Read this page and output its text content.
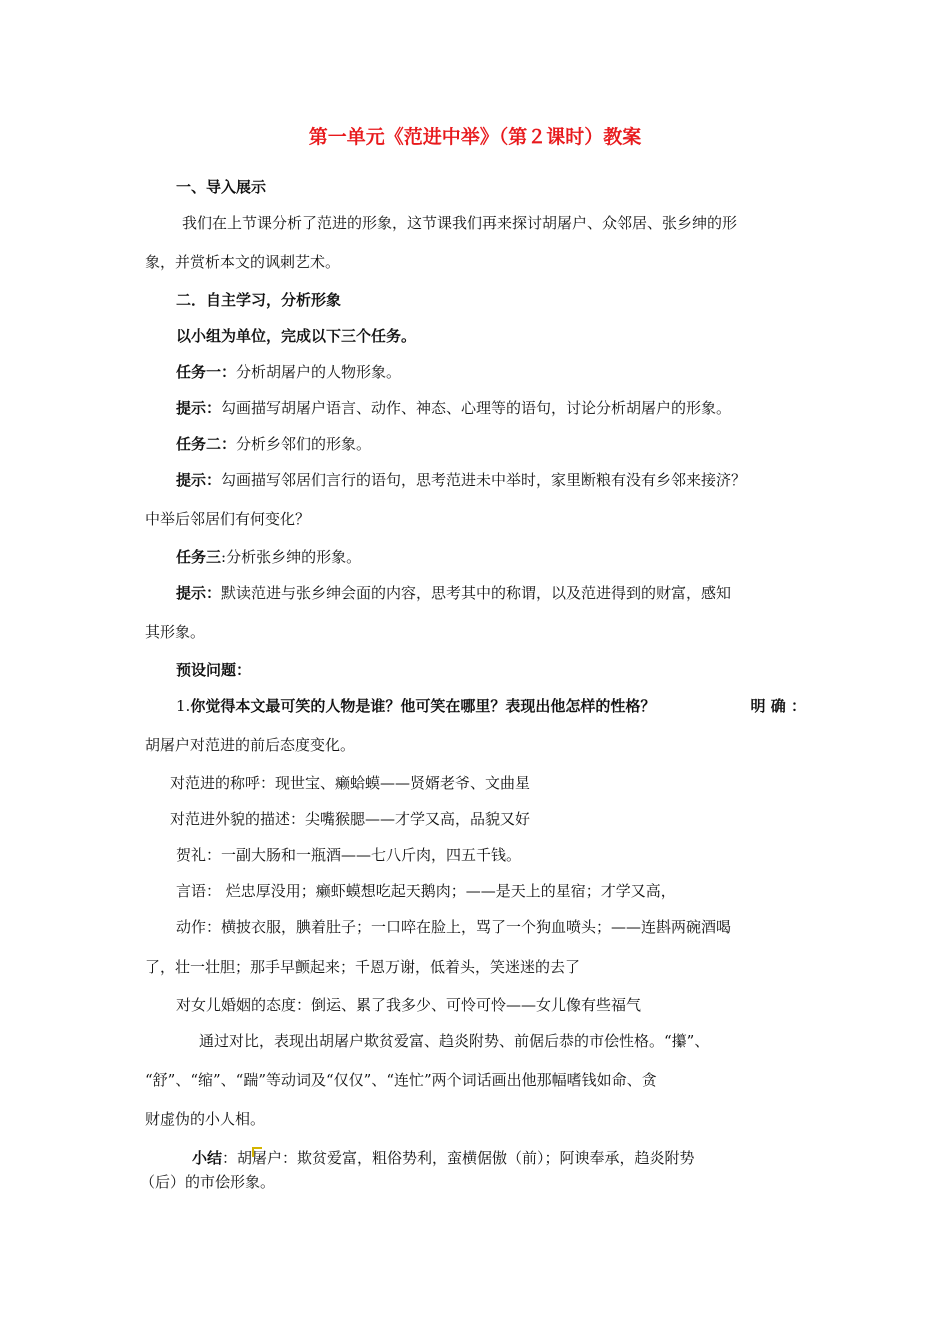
第一单元《范进中举》（第２课时）教案
一、导入展示
我们在上节课分析了范进的形象，这节课我们再来探讨胡屠户、众邻居、张乡绅的形
象，并赏析本文的讽刺艺术。
二．自主学习，分析形象
以小组为单位，完成以下三个任务。
任务一：分析胡屠户的人物形象。
提示：勾画描写胡屠户语言、动作、神态、心理等的语句，讨论分析胡屠户的形象。
任务二：分析乡邻们的形象。
提示：勾画描写邻居们言行的语句，思考范进未中举时，家里断粮有没有乡邻来接济？
中举后邻居们有何变化？
任务三:分析张乡绅的形象。
提示：默读范进与张乡绅会面的内容，思考其中的称谓，以及范进得到的财富，感知
其形象。
预设问题：
1.你觉得本文最可笑的人物是谁？他可笑在哪里？表现出他怎样的性格？	明 确 ：
胡屠户对范进的前后态度变化。
对范进的称呼：现世宝、癞蛤蟆——贤婿老爷、文曲星
对范进外貌的描述：尖嘴猴腮——才学又高，品貌又好
贺礼：一副大肠和一瓶酒——七八斤肉，四五千钱。
言语： 烂忠厚没用；癞虾蟆想吃起天鹅肉；——是天上的星宿；才学又高，
动作：横披衣服，腆着肚子；一口啐在脸上，骂了一个狗血喷头；——连斟两碗酒喝
了，壮一壮胆；那手早颤起来；千恩万谢，低着头，笑迷迷的去了
对女儿婚姻的态度：倒运、累了我多少、可怜可怜——女儿像有些福气
通过对比，表现出胡屠户欺贫爱富、趋炎附势、前倨后恭的市侩性格。“攥”、
“舒”、“缩”、“踹”等动词及“仅仅”、“连忙”两个词话画出他那幅嗜钱如命、贪
财虚伪的小人相。
小结：胡屠户：欺贫爱富，粗俗势利，蛮横倨傲（前）；阿谀奉承，趋炎附势
（后）的市侩形象。
